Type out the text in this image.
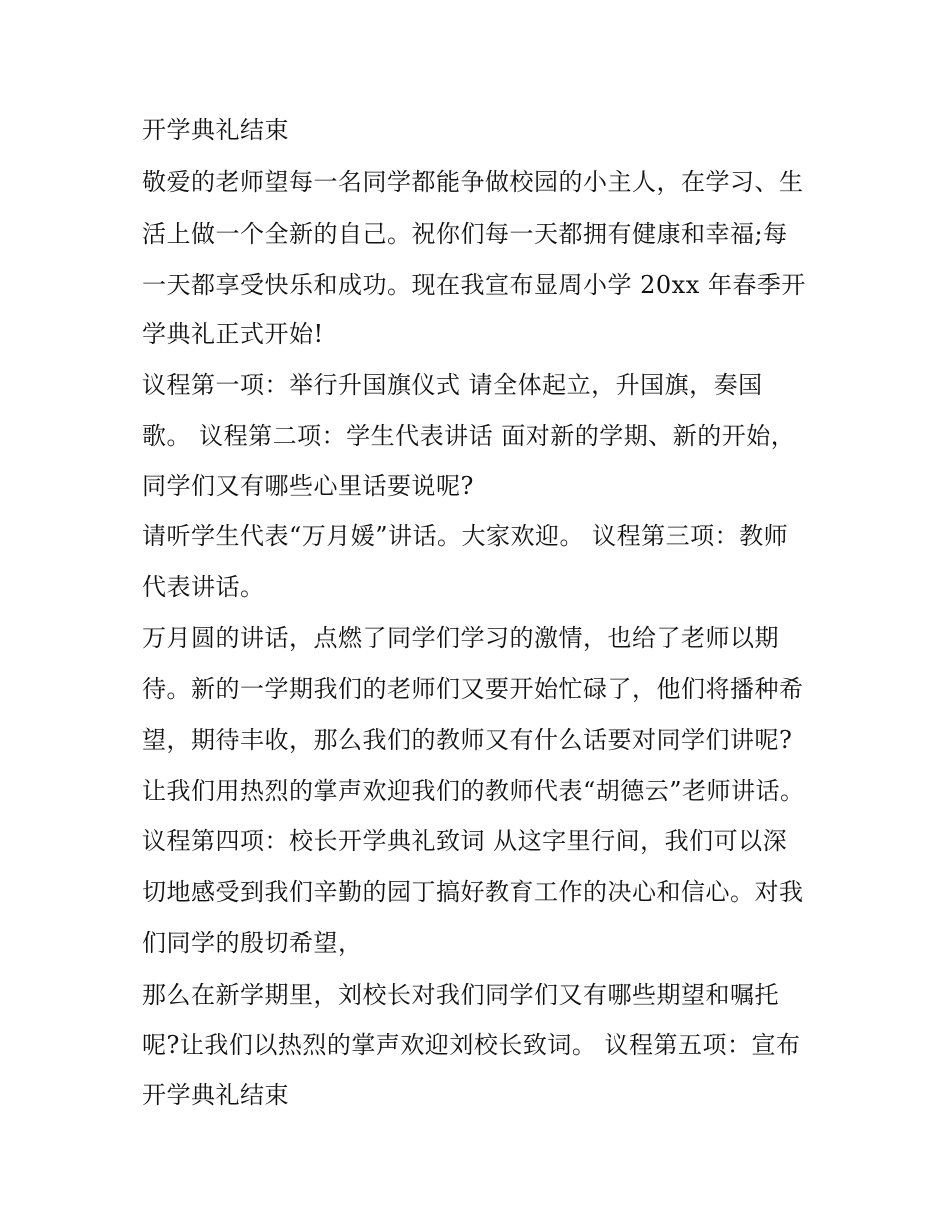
开学典礼结束
敬爱的老师望每一名同学都能争做校园的小主人，在学习、生
活上做一个全新的自己。祝你们每一天都拥有健康和幸福;每
一天都享受快乐和成功。现在我宣布显周小学 20xx 年春季开
学典礼正式开始!
议程第一项：举行升国旗仪式 请全体起立，升国旗，奏国
歌。 议程第二项：学生代表讲话 面对新的学期、新的开始，
同学们又有哪些心里话要说呢?
请听学生代表“万月媛”讲话。大家欢迎。 议程第三项：教师
代表讲话。
万月圆的讲话，点燃了同学们学习的激情，也给了老师以期
待。新的一学期我们的老师们又要开始忙碌了，他们将播种希
望，期待丰收，那么我们的教师又有什么话要对同学们讲呢?
让我们用热烈的掌声欢迎我们的教师代表“胡德云”老师讲话。
议程第四项：校长开学典礼致词 从这字里行间，我们可以深
切地感受到我们辛勤的园丁搞好教育工作的决心和信心。对我
们同学的殷切希望，
那么在新学期里，刘校长对我们同学们又有哪些期望和嘱托
呢?让我们以热烈的掌声欢迎刘校长致词。 议程第五项：宣布
开学典礼结束
